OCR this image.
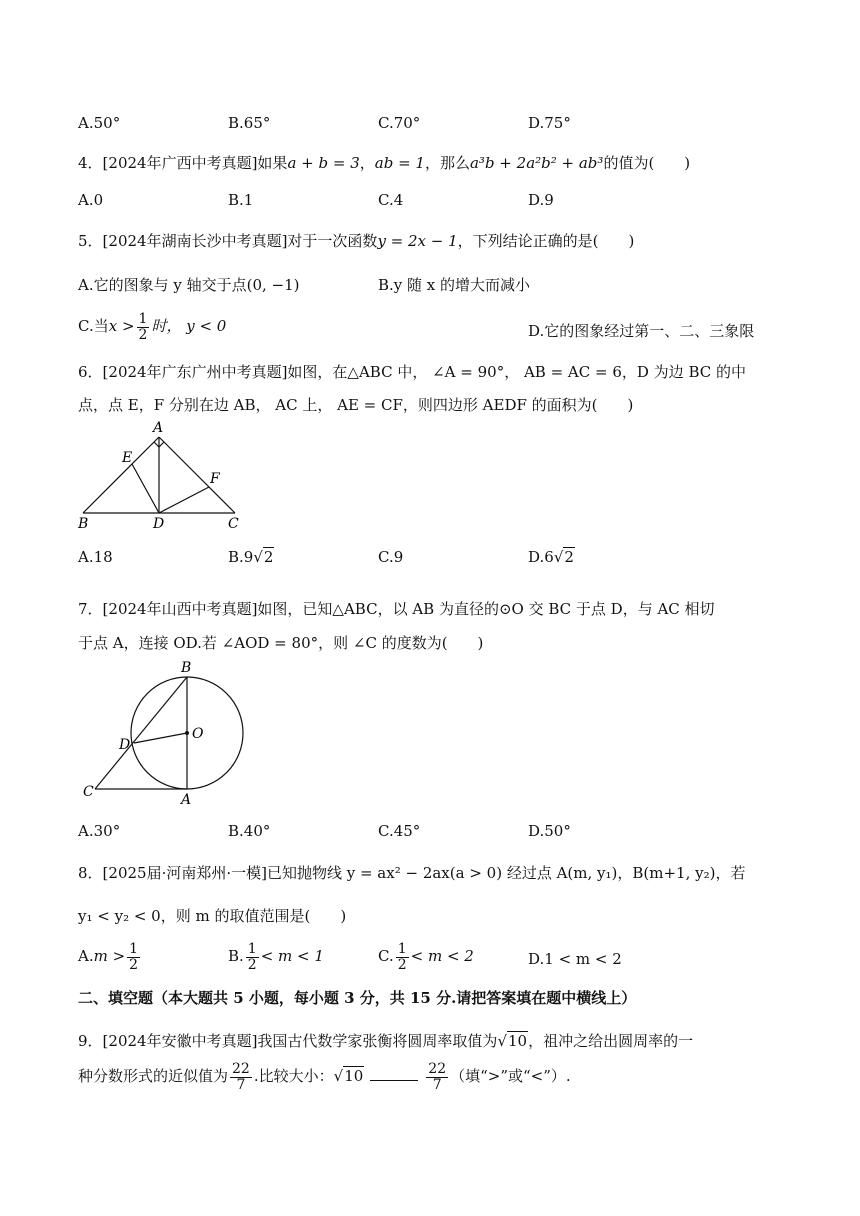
A.50°	B.65°	C.70°	D.75°
4．[2024年广西中考真题]如果a + b = 3，ab = 1，那么a³b + 2a²b² + ab³的值为(　　)
A.0	B.1	C.4	D.9
5．[2024年湖南长沙中考真题]对于一次函数y = 2x − 1，下列结论正确的是(　　)
A.它的图象与 y 轴交于点(0, −1)	B.y 随 x 的增大而减小
C.当$x > \frac{1}{2}$ 时， y < 0	D.它的图象经过第一、二、三象限
6．[2024年广东广州中考真题]如图，在△ABC 中， ∠A = 90°， AB = AC = 6，D 为边 BC 的中
点，点 E，F 分别在边 AB， AC 上， AE = CF，则四边形 AEDF 的面积为(　　)
A
E
F
B	D	C
A.18	B.9√2	C.9	D.6√2
7．[2024年山西中考真题]如图，已知△ABC，以 AB 为直径的⊙O 交 BC 于点 D，与 AC 相切
于点 A，连接 OD.若 ∠AOD = 80°，则 ∠C 的度数为(　　)
B
O
D
C	A
A.30°	B.40°	C.45°	D.50°
8．[2025届·河南郑州·一模]已知抛物线 y = ax² − 2ax(a > 0) 经过点 A(m, y₁)，B(m+1, y₂)，若
y₁ < y₂ < 0，则 m 的取值范围是(　　)
$A.m > \frac{1}{2}$	B. $\frac{1}{2} < m < 1$	C. $\frac{1}{2} < m < 2$	D.1 < m < 2
二、填空题（本大题共 5 小题，每小题 3 分，共 15 分.请把答案填在题中横线上）
9．[2024年安徽中考真题]我国古代数学家张衡将圆周率取值为√10，祖冲之给出圆周率的一
种分数形式的近似值为 $\frac{22}{7}$ .比较大小：√10	$\frac{22}{7}$ （填“>”或“<”）.
